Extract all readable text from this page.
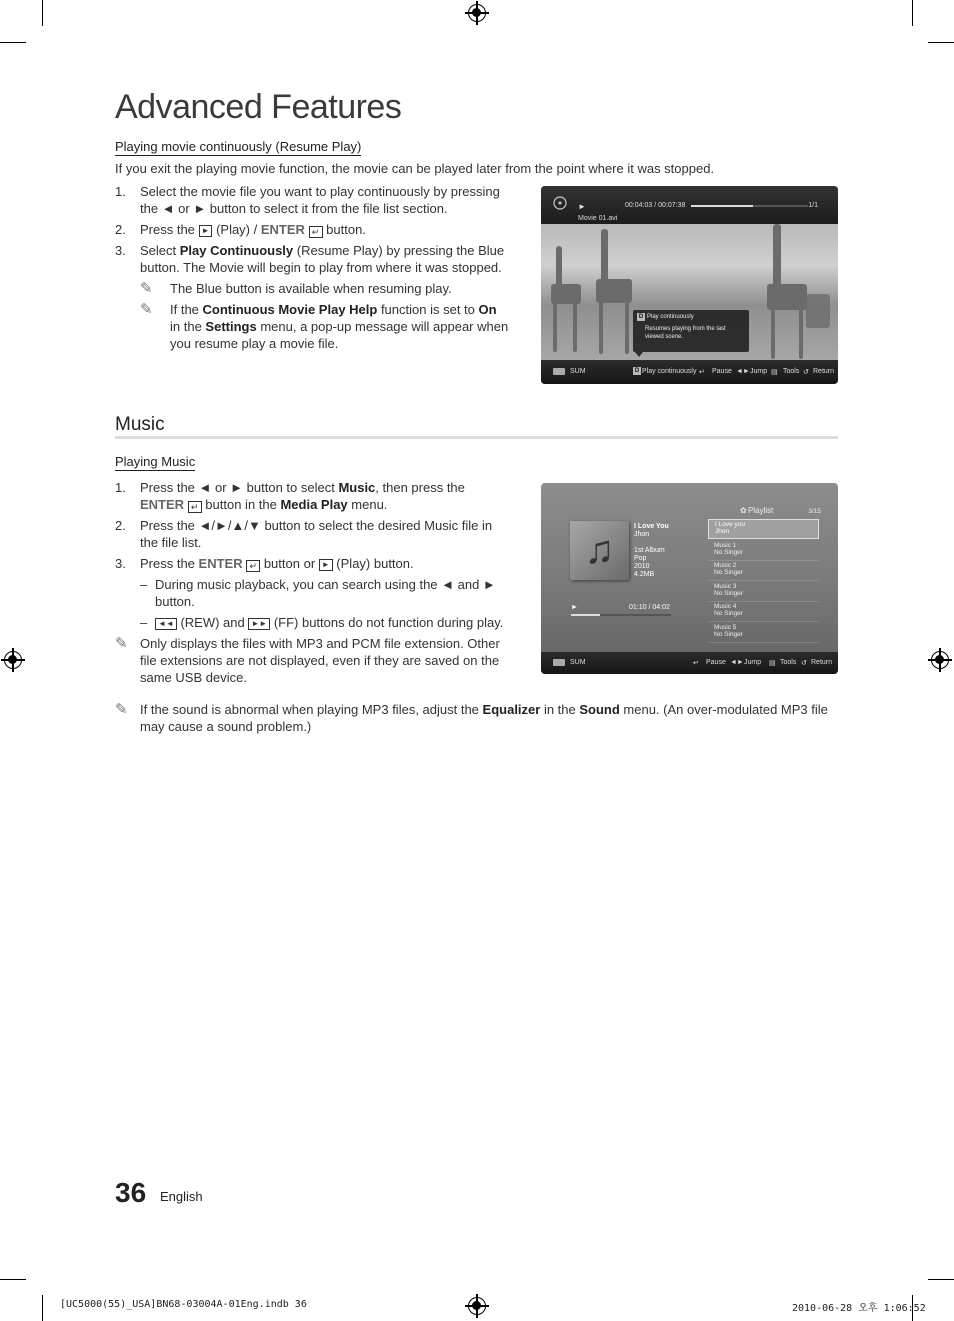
Advanced Features
Playing movie continuously (Resume Play)
If you exit the playing movie function, the movie can be played later from the point where it was stopped.
1.	Select the movie file you want to play continuously by pressing the ◄ or ► button to select it from the file list section.
2.	Press the ► (Play) / ENTER ↵ button.
3.	Select Play Continuously (Resume Play) by pressing the Blue button. The Movie will begin to play from where it was stopped.
✎	The Blue button is available when resuming play.
✎	If the Continuous Movie Play Help function is set to On in the Settings menu, a pop-up message will appear when you resume play a movie file.
►	00:04:03 / 00:07:38	1/1
Movie 01.avi
D Play continuously
Resumes playing from the last viewed scene.
SUM	D Play continuously ↵ Pause ◄► Jump ▤ Tools ↺ Return
Music
Playing Music
1.	Press the ◄ or ► button to select Music, then press the ENTER ↵ button in the Media Play menu.
2.	Press the ◄/►/▲/▼ button to select the desired Music file in the file list.
3.	Press the ENTER ↵ button or ► (Play) button.
– During music playback, you can search using the ◄ and ► button.
–	◄◄ (REW) and ►► (FF) buttons do not function during play.
✎ Only displays the files with MP3 and PCM file extension. Other file extensions are not displayed, even if they are saved on the same USB device.
✎ If the sound is abnormal when playing MP3 files, adjust the Equalizer in the Sound menu. (An over-modulated MP3 file may cause a sound problem.)
♫
I Love You
Jhon
1st Album
Pop
2010
4.2MB
►	01:10 / 04:02
✿ Playlist	3/15
I Love you
Jhon
Music 1
No Singer
Music 2
No Singer
Music 3
No Singer
Music 4
No Singer
Music 5
No Singer
SUM	↵ Pause ◄► Jump ▤ Tools ↺ Return
36 English
[UC5000(55)_USA]BN68-03004A-01Eng.indb 36	2010-06-28 오후 1:06:52
